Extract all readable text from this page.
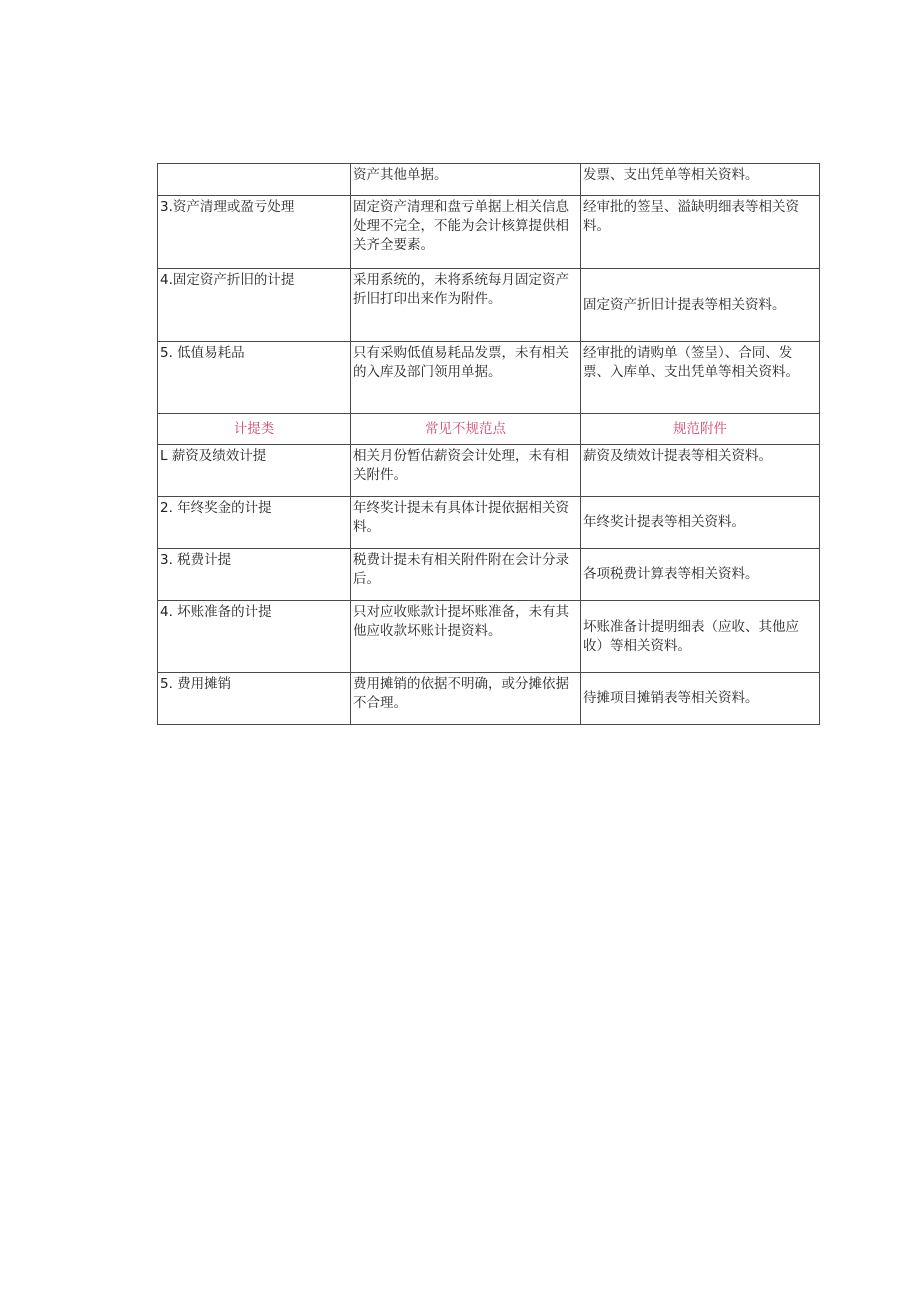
	资产其他单据。	发票、支出凭单等相关资料。
3.资产清理或盈亏处理	固定资产清理和盘亏单据上相关信息处理不完全，不能为会计核算提供相关齐全要素。	经审批的签呈、溢缺明细表等相关资料。
4.固定资产折旧的计提	采用系统的，未将系统每月固定资产折旧打印出来作为附件。	固定资产折旧计提表等相关资料。
5. 低值易耗品	只有采购低值易耗品发票，未有相关的入库及部门领用单据。	经审批的请购单（签呈）、合同、发票、入库单、支出凭单等相关资料。
计提类	常见不规范点	规范附件
L 薪资及绩效计提	相关月份暂估薪资会计处理，未有相关附件。	薪资及绩效计提表等相关资料。
2. 年终奖金的计提	年终奖计提未有具体计提依据相关资料。	年终奖计提表等相关资料。
3. 税费计提	税费计提未有相关附件附在会计分录后。	各项税费计算表等相关资料。
4. 坏账准备的计提	只对应收账款计提坏账准备，未有其他应收款坏账计提资料。	坏账准备计提明细表（应收、其他应收）等相关资料。
5. 费用摊销	费用摊销的依据不明确，或分摊依据不合理。	待摊项目摊销表等相关资料。
